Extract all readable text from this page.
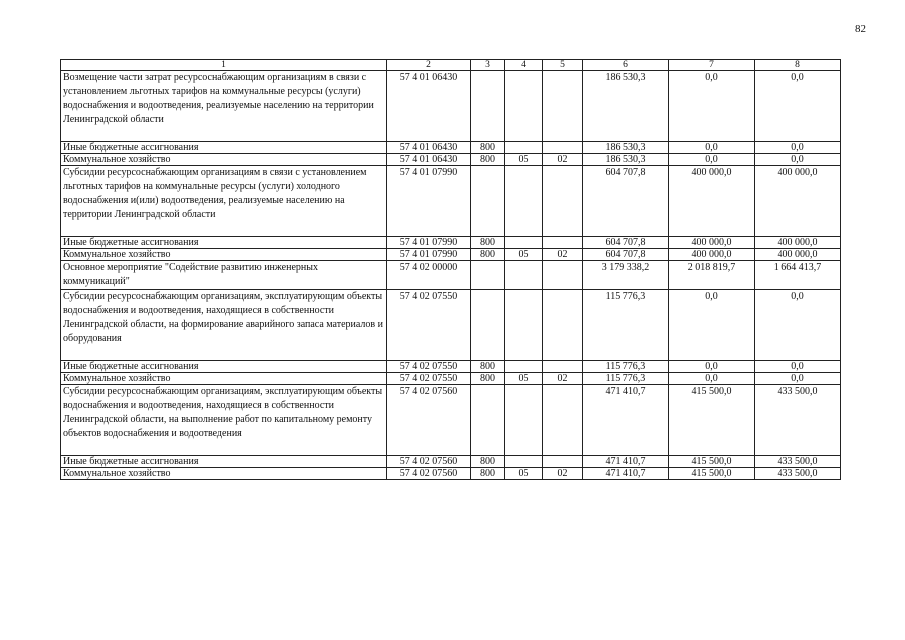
82
1	2	3	4	5	6	7	8
Возмещение части затрат ресурсоснабжающим организациям в связи с установлением льготных тарифов на коммунальные ресурсы (услуги) водоснабжения и водоотведения, реализуемые населению на территории Ленинградской области	57 4 01 06430				186 530,3	0,0	0,0
Иные бюджетные ассигнования	57 4 01 06430	800			186 530,3	0,0	0,0
Коммунальное хозяйство	57 4 01 06430	800	05	02	186 530,3	0,0	0,0
Субсидии ресурсоснабжающим организациям в связи с установлением льготных тарифов на коммунальные ресурсы (услуги) холодного водоснабжения и(или) водоотведения, реализуемые населению на территории Ленинградской области	57 4 01 07990				604 707,8	400 000,0	400 000,0
Иные бюджетные ассигнования	57 4 01 07990	800			604 707,8	400 000,0	400 000,0
Коммунальное хозяйство	57 4 01 07990	800	05	02	604 707,8	400 000,0	400 000,0
Основное мероприятие "Содействие развитию инженерных коммуникаций"	57 4 02 00000				3 179 338,2	2 018 819,7	1 664 413,7
Субсидии ресурсоснабжающим организациям, эксплуатирующим объекты водоснабжения и водоотведения, находящиеся в собственности Ленинградской области, на формирование аварийного запаса материалов и оборудования	57 4 02 07550				115 776,3	0,0	0,0
Иные бюджетные ассигнования	57 4 02 07550	800			115 776,3	0,0	0,0
Коммунальное хозяйство	57 4 02 07550	800	05	02	115 776,3	0,0	0,0
Субсидии ресурсоснабжающим организациям, эксплуатирующим объекты водоснабжения и водоотведения, находящиеся в собственности Ленинградской области, на выполнение работ по капитальному ремонту объектов водоснабжения и водоотведения	57 4 02 07560				471 410,7	415 500,0	433 500,0
Иные бюджетные ассигнования	57 4 02 07560	800			471 410,7	415 500,0	433 500,0
Коммунальное хозяйство	57 4 02 07560	800	05	02	471 410,7	415 500,0	433 500,0
